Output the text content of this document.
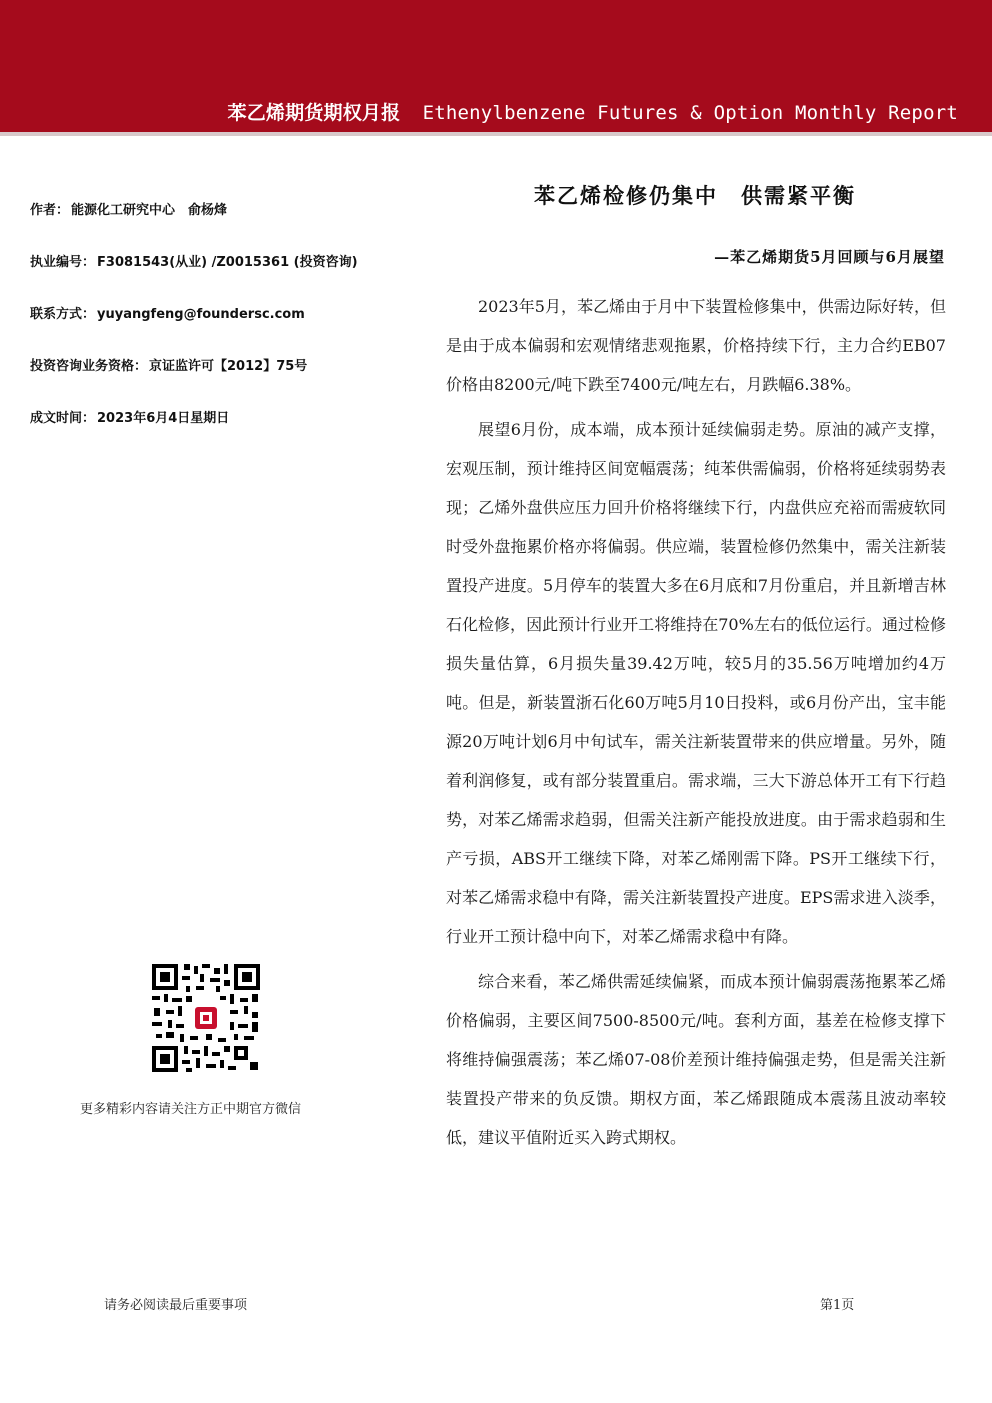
苯乙烯期货期权月报 Ethenylbenzene Futures & Option Monthly Report
作者： 能源化工研究中心　俞杨烽
执业编号： F3081543(从业) /Z0015361 (投资咨询)
联系方式： yuyangfeng@foundersc.com
投资咨询业务资格： 京证监许可【2012】75号
成文时间： 2023年6月4日星期日
更多精彩内容请关注方正中期官方微信
苯乙烯检修仍集中　供需紧平衡
—苯乙烯期货5月回顾与6月展望

2023年5月，苯乙烯由于月中下装置检修集中，供需边际好转，但是由于成本偏弱和宏观情绪悲观拖累，价格持续下行，主力合约EB07价格由8200元/吨下跌至7400元/吨左右，月跌幅6.38%。

展望6月份，成本端，成本预计延续偏弱走势。原油的减产支撑，宏观压制，预计维持区间宽幅震荡；纯苯供需偏弱，价格将延续弱势表现；乙烯外盘供应压力回升价格将继续下行，内盘供应充裕而需疲软同时受外盘拖累价格亦将偏弱。供应端，装置检修仍然集中，需关注新装置投产进度。5月停车的装置大多在6月底和7月份重启，并且新增吉林石化检修，因此预计行业开工将维持在70%左右的低位运行。通过检修损失量估算，6月损失量39.42万吨，较5月的35.56万吨增加约4万吨。但是，新装置浙石化60万吨5月10日投料，或6月份产出，宝丰能源20万吨计划6月中旬试车，需关注新装置带来的供应增量。另外，随着利润修复，或有部分装置重启。需求端，三大下游总体开工有下行趋势，对苯乙烯需求趋弱，但需关注新产能投放进度。由于需求趋弱和生产亏损，ABS开工继续下降，对苯乙烯刚需下降。PS开工继续下行，对苯乙烯需求稳中有降，需关注新装置投产进度。EPS需求进入淡季，行业开工预计稳中向下，对苯乙烯需求稳中有降。

综合来看，苯乙烯供需延续偏紧，而成本预计偏弱震荡拖累苯乙烯价格偏弱，主要区间7500-8500元/吨。套利方面，基差在检修支撑下将维持偏强震荡；苯乙烯07-08价差预计维持偏强走势，但是需关注新装置投产带来的负反馈。期权方面，苯乙烯跟随成本震荡且波动率较低，建议平值附近买入跨式期权。

请务必阅读最后重要事项	第1页
